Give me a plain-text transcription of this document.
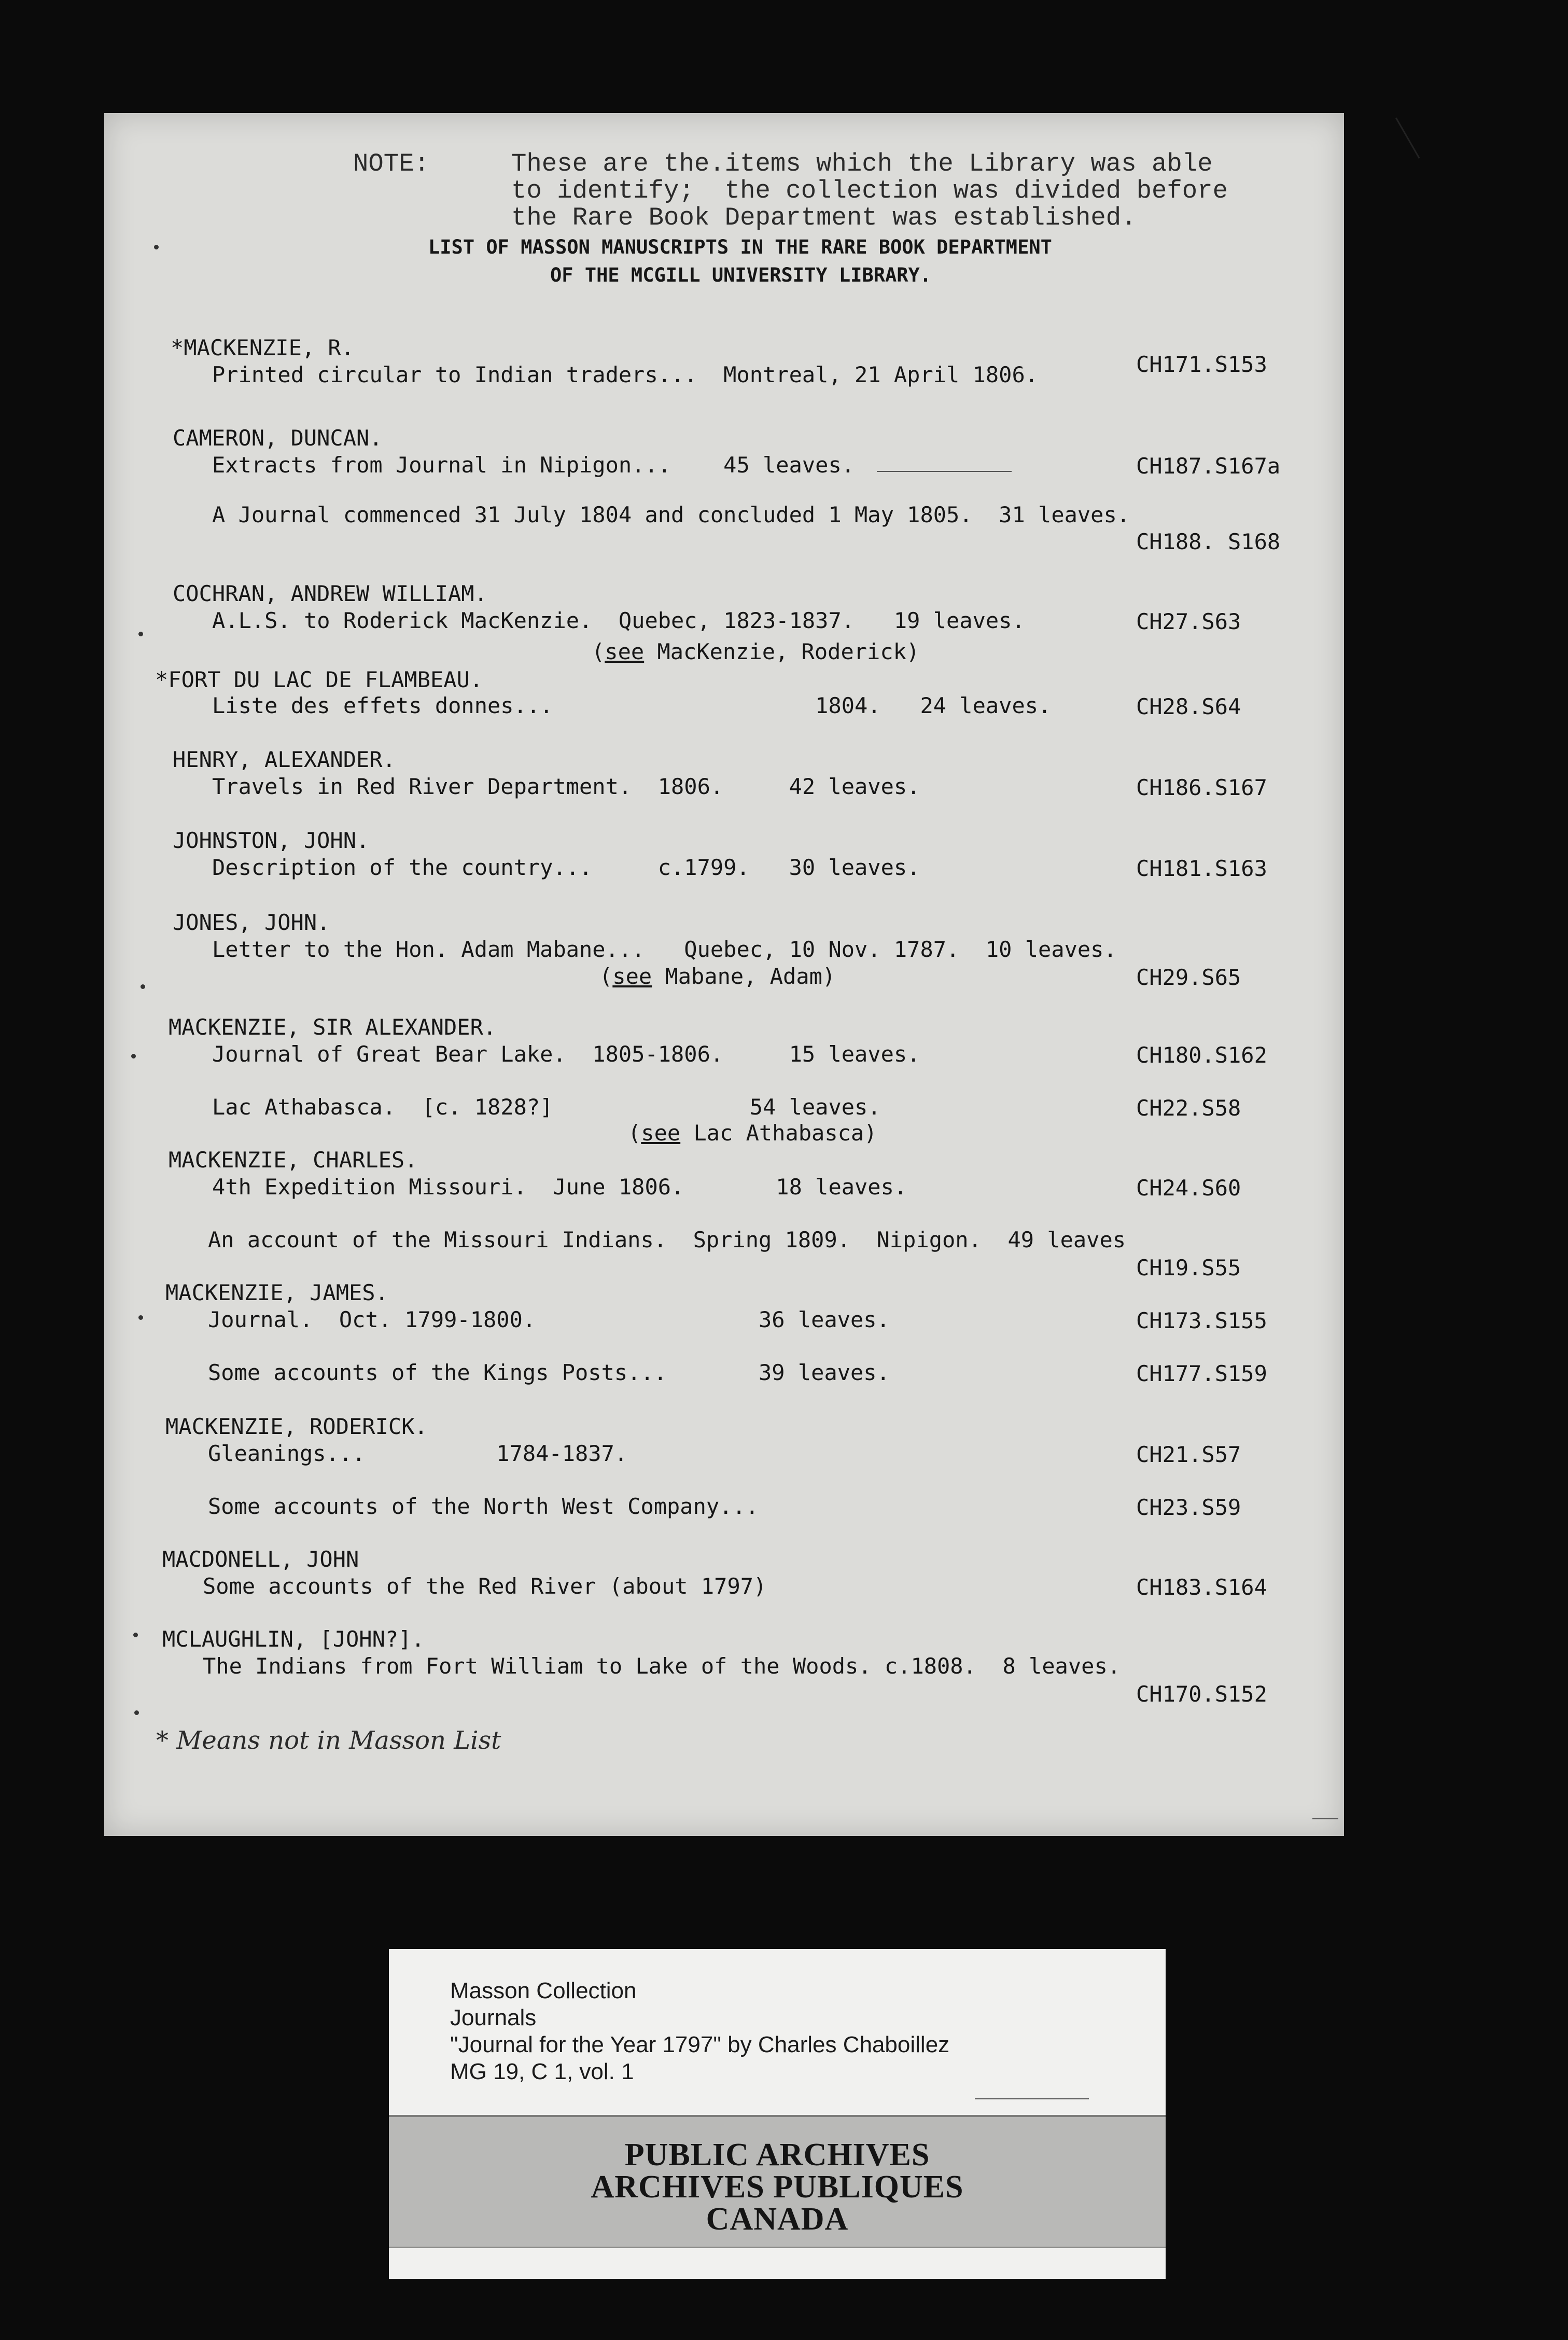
NOTE:	These are the.items which the Library was able
to identify;  the collection was divided before
the Rare Book Department was established.
LIST OF MASSON MANUSCRIPTS IN THE RARE BOOK DEPARTMENT
OF THE MCGILL UNIVERSITY LIBRARY.
*MACKENZIE, R.
Printed circular to Indian traders...  Montreal, 21 April 1806.	CH171.S153
CAMERON, DUNCAN.
Extracts from Journal in Nipigon...    45 leaves.	CH187.S167a
A Journal commenced 31 July 1804 and concluded 1 May 1805.  31 leaves.
CH188. S168
COCHRAN, ANDREW WILLIAM.
A.L.S. to Roderick MacKenzie.  Quebec, 1823-1837.   19 leaves.	CH27.S63
(see MacKenzie, Roderick)
*FORT DU LAC DE FLAMBEAU.
Liste des effets donnes...                    1804.   24 leaves.	CH28.S64
HENRY, ALEXANDER.
Travels in Red River Department.  1806.     42 leaves.	CH186.S167
JOHNSTON, JOHN.
Description of the country...     c.1799.   30 leaves.	CH181.S163
JONES, JOHN.
Letter to the Hon. Adam Mabane...   Quebec, 10 Nov. 1787.  10 leaves.
(see Mabane, Adam)	CH29.S65
MACKENZIE, SIR ALEXANDER.
Journal of Great Bear Lake.  1805-1806.     15 leaves.	CH180.S162
Lac Athabasca.  [c. 1828?]               54 leaves.	CH22.S58
(see Lac Athabasca)
MACKENZIE, CHARLES.
4th Expedition Missouri.  June 1806.       18 leaves.	CH24.S60
An account of the Missouri Indians.  Spring 1809.  Nipigon.  49 leaves
CH19.S55
MACKENZIE, JAMES.
Journal.  Oct. 1799-1800.                 36 leaves.	CH173.S155
Some accounts of the Kings Posts...       39 leaves.	CH177.S159
MACKENZIE, RODERICK.
Gleanings...          1784-1837.	CH21.S57
Some accounts of the North West Company...	CH23.S59
MACDONELL, JOHN
Some accounts of the Red River (about 1797)	CH183.S164
MCLAUGHLIN, [JOHN?].
The Indians from Fort William to Lake of the Woods. c.1808.  8 leaves.
CH170.S152
* Means not in Masson List
Masson Collection
Journals
"Journal for the Year 1797" by Charles Chaboillez
MG 19, C 1, vol. 1
PUBLIC ARCHIVES
ARCHIVES PUBLIQUES
CANADA
